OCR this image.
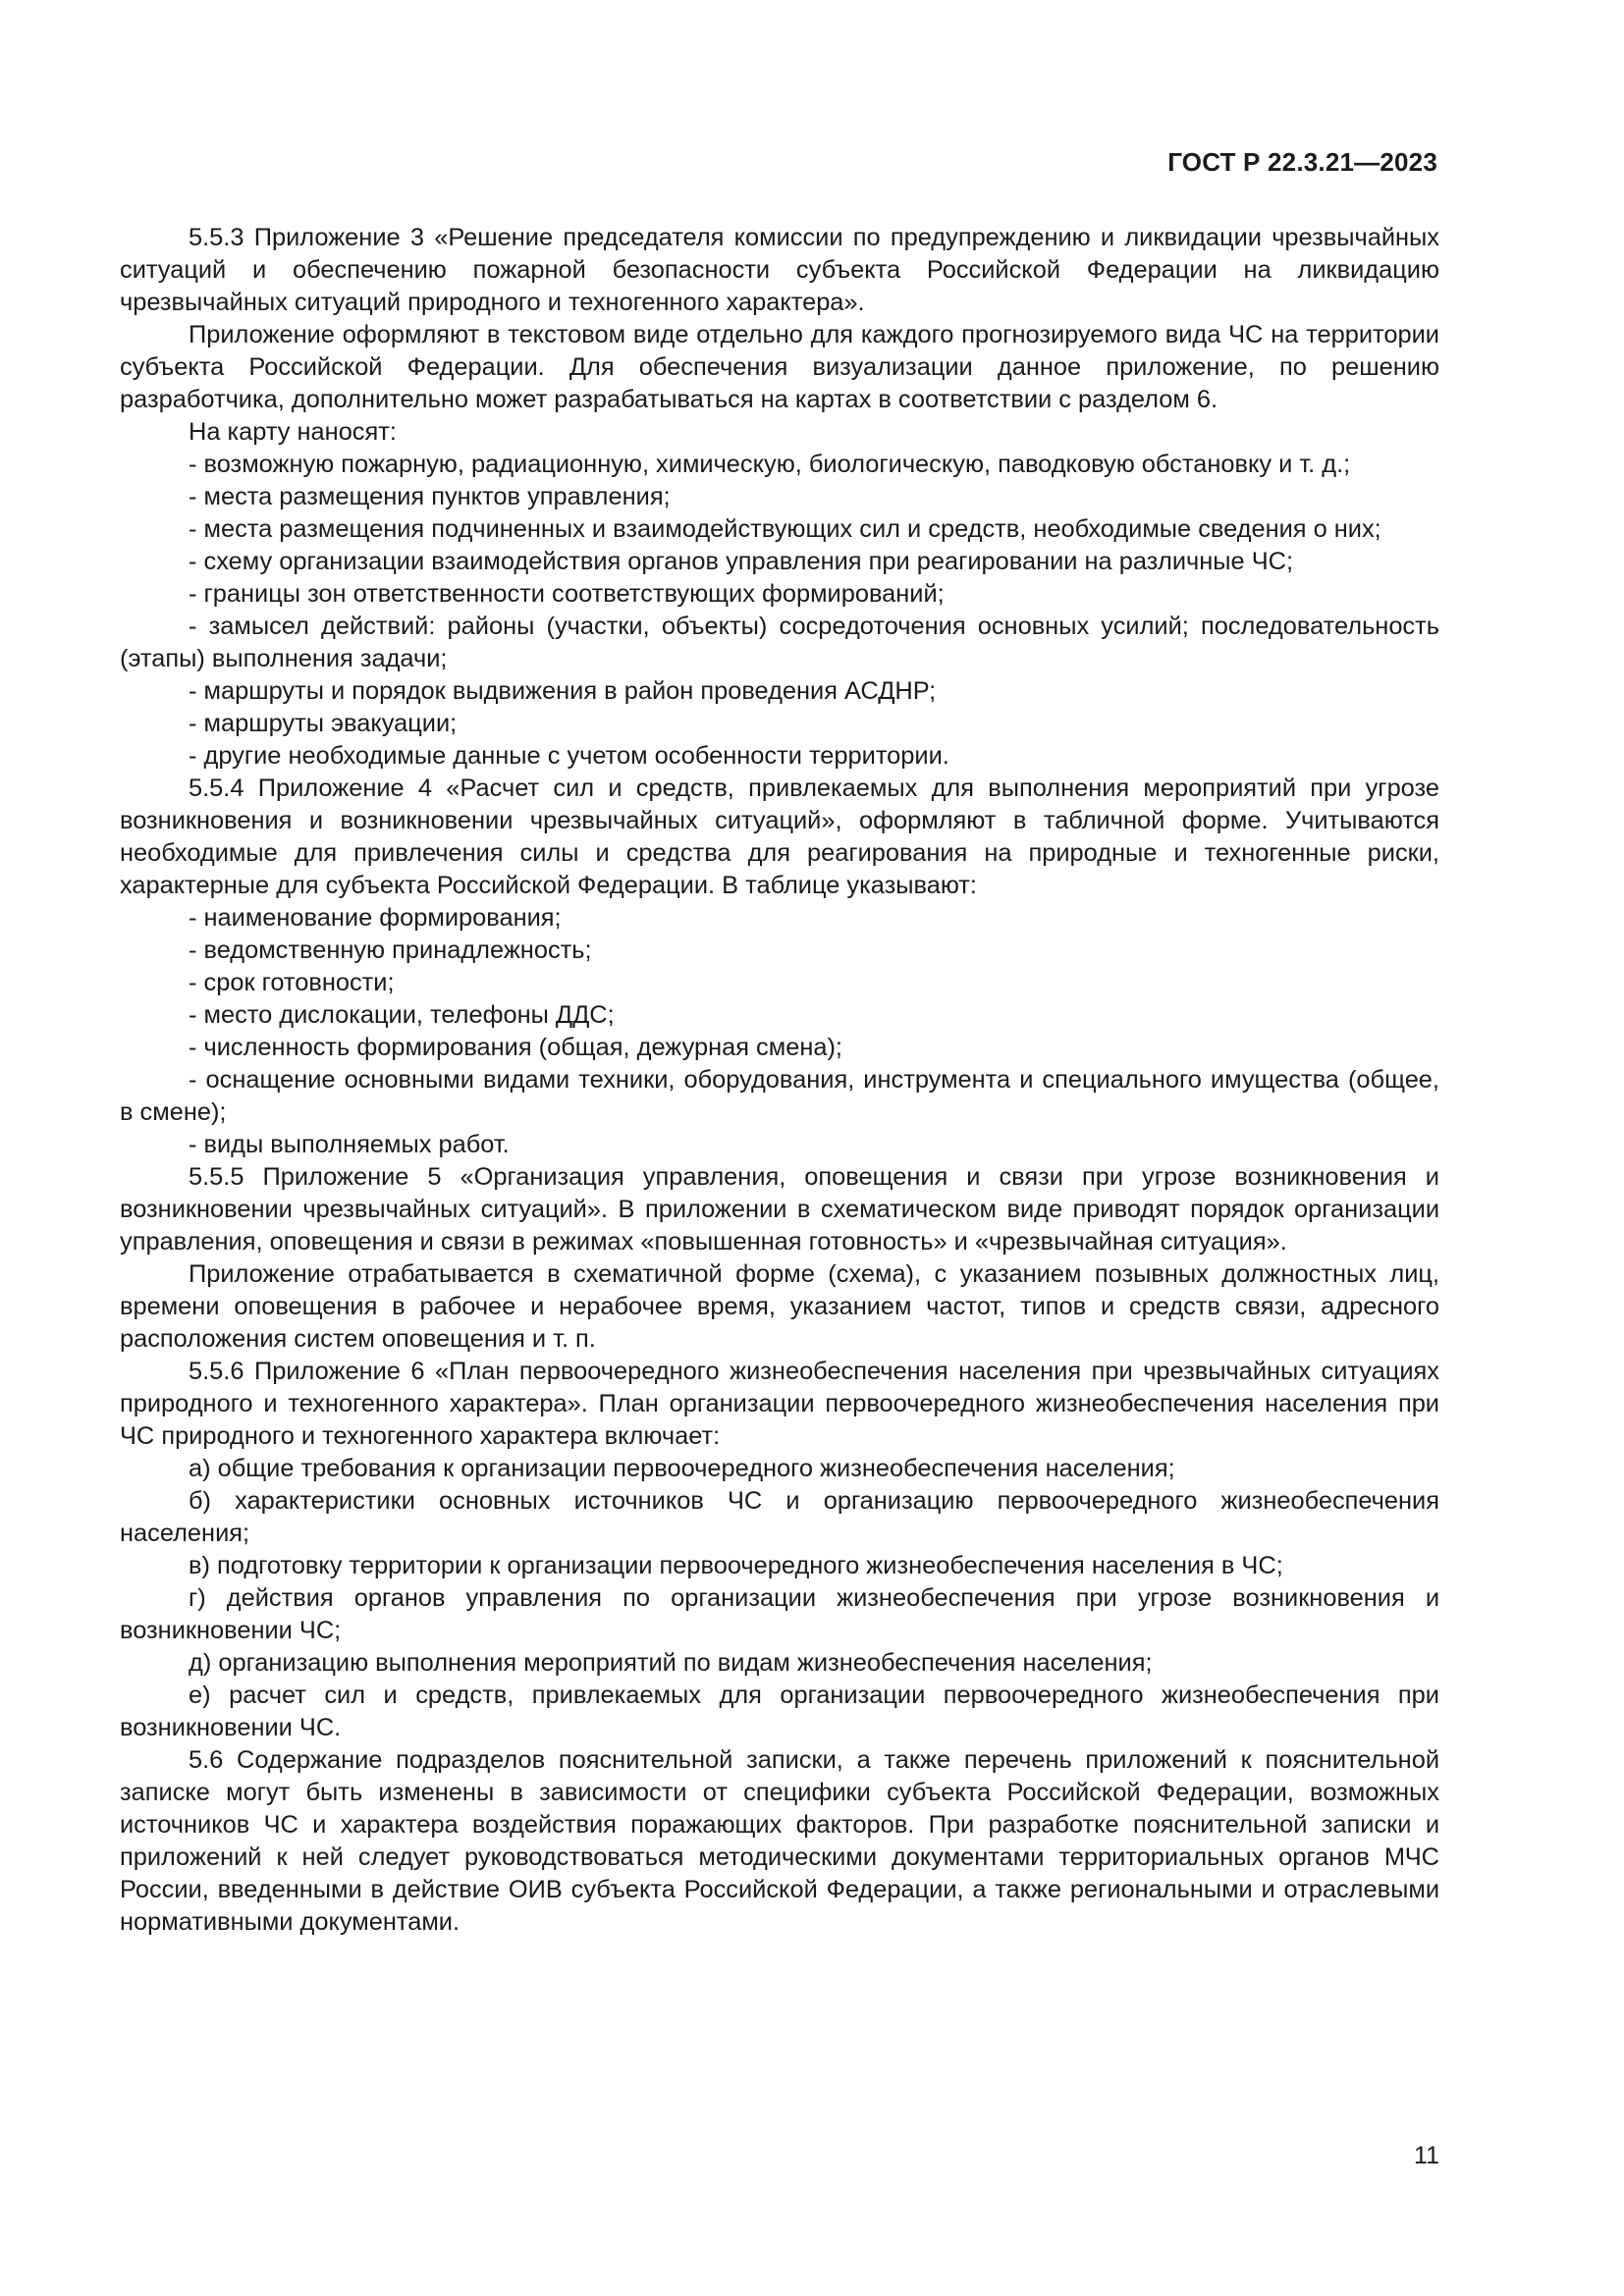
ГОСТ Р 22.3.21—2023

5.5.3 Приложение 3 «Решение председателя комиссии по предупреждению и ликвидации чрезвычайных ситуаций и обеспечению пожарной безопасности субъекта Российской Федерации на ликвидацию чрезвычайных ситуаций природного и техногенного характера».

Приложение оформляют в текстовом виде отдельно для каждого прогнозируемого вида ЧС на территории субъекта Российской Федерации. Для обеспечения визуализации данное приложение, по решению разработчика, дополнительно может разрабатываться на картах в соответствии с разделом 6.

На карту наносят:

- возможную пожарную, радиационную, химическую, биологическую, паводковую обстановку и т. д.;

- места размещения пунктов управления;

- места размещения подчиненных и взаимодействующих сил и средств, необходимые сведения о них;

- схему организации взаимодействия органов управления при реагировании на различные ЧС;

- границы зон ответственности соответствующих формирований;

- замысел действий: районы (участки, объекты) сосредоточения основных усилий; последовательность (этапы) выполнения задачи;

- маршруты и порядок выдвижения в район проведения АСДНР;

- маршруты эвакуации;

- другие необходимые данные с учетом особенности территории.

5.5.4 Приложение 4 «Расчет сил и средств, привлекаемых для выполнения мероприятий при угрозе возникновения и возникновении чрезвычайных ситуаций», оформляют в табличной форме. Учитываются необходимые для привлечения силы и средства для реагирования на природные и техногенные риски, характерные для субъекта Российской Федерации. В таблице указывают:

- наименование формирования;

- ведомственную принадлежность;

- срок готовности;

- место дислокации, телефоны ДДС;

- численность формирования (общая, дежурная смена);

- оснащение основными видами техники, оборудования, инструмента и специального имущества (общее, в смене);

- виды выполняемых работ.

5.5.5 Приложение 5 «Организация управления, оповещения и связи при угрозе возникновения и возникновении чрезвычайных ситуаций». В приложении в схематическом виде приводят порядок организации управления, оповещения и связи в режимах «повышенная готовность» и «чрезвычайная ситуация».

Приложение отрабатывается в схематичной форме (схема), с указанием позывных должностных лиц, времени оповещения в рабочее и нерабочее время, указанием частот, типов и средств связи, адресного расположения систем оповещения и т. п.

5.5.6 Приложение 6 «План первоочередного жизнеобеспечения населения при чрезвычайных ситуациях природного и техногенного характера». План организации первоочередного жизнеобеспечения населения при ЧС природного и техногенного характера включает:

а) общие требования к организации первоочередного жизнеобеспечения населения;

б) характеристики основных источников ЧС и организацию первоочередного жизнеобеспечения населения;

в) подготовку территории к организации первоочередного жизнеобеспечения населения в ЧС;

г) действия органов управления по организации жизнеобеспечения при угрозе возникновения и возникновении ЧС;

д) организацию выполнения мероприятий по видам жизнеобеспечения населения;

е) расчет сил и средств, привлекаемых для организации первоочередного жизнеобеспечения при возникновении ЧС.

5.6 Содержание подразделов пояснительной записки, а также перечень приложений к пояснительной записке могут быть изменены в зависимости от специфики субъекта Российской Федерации, возможных источников ЧС и характера воздействия поражающих факторов. При разработке пояснительной записки и приложений к ней следует руководствоваться методическими документами территориальных органов МЧС России, введенными в действие ОИВ субъекта Российской Федерации, а также региональными и отраслевыми нормативными документами.

11
